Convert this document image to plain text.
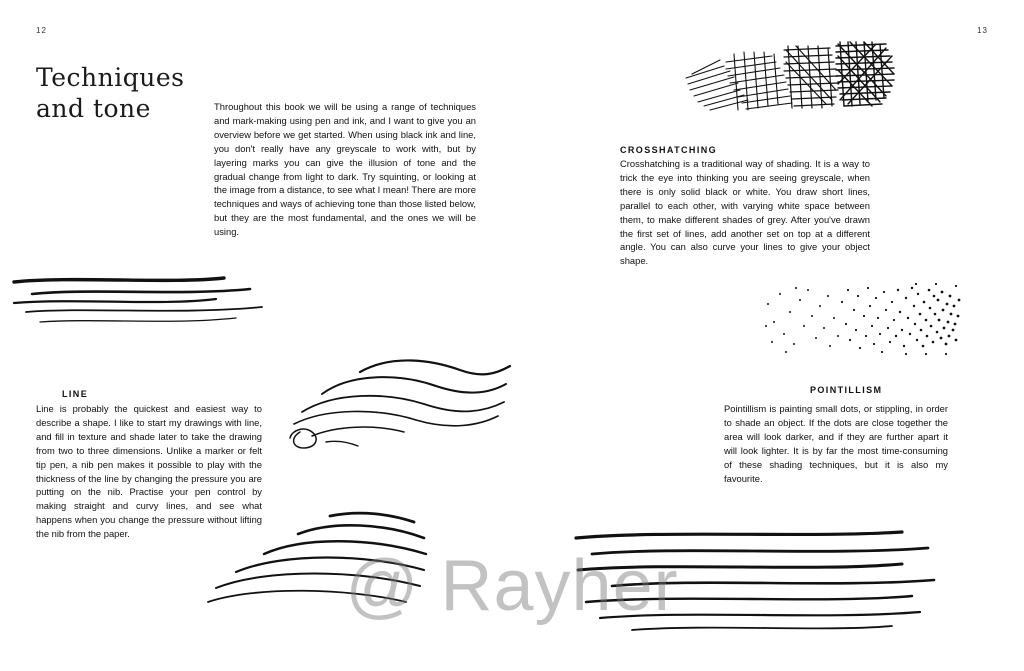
12	13
Techniques
and tone	Throughout this book we will be using a range of techniques and mark-making using pen and ink, and I want to give you an overview before we get started. When using black ink and line, you don't really have any greyscale to work with, but by layering marks you can give the illusion of tone and the gradual change from light to dark. Try squinting, or looking at the image from a distance, to see what I mean! There are more techniques and ways of achieving tone than those listed below, but they are the most fundamental, and the ones we will be using.
CROSSHATCHING
Crosshatching is a traditional way of shading. It is a way to trick the eye into thinking you are seeing greyscale, when there is only solid black or white. You draw short lines, parallel to each other, with varying white space between them, to make different shades of grey. After you've drawn the first set of lines, add another set on top at a different angle. You can also curve your lines to give your object shape.
LINE
Line is probably the quickest and easiest way to describe a shape. I like to start my drawings with line, and fill in texture and shade later to take the drawing from two to three dimensions. Unlike a marker or felt tip pen, a nib pen makes it possible to play with the thickness of the line by changing the pressure you are putting on the nib. Practise your pen control by making straight and curvy lines, and see what happens when you change the pressure without lifting the nib from the paper.
POINTILLISM
Pointillism is painting small dots, or stippling, in order to shade an object. If the dots are close together the area will look darker, and if they are further apart it will look lighter. It is by far the most time-consuming of these shading techniques, but it is also my favourite.
@ Rayher
